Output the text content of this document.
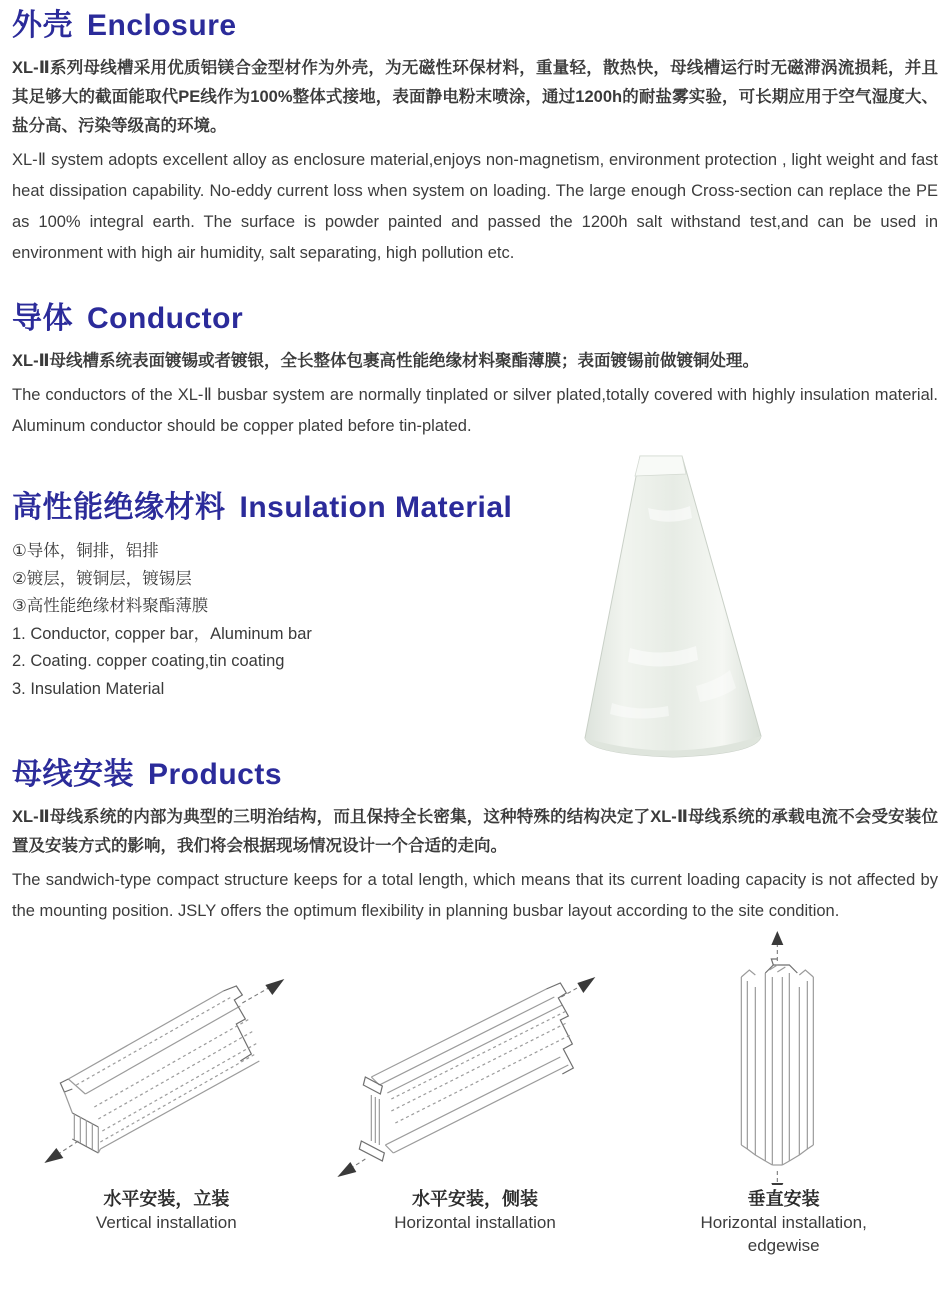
外壳 Enclosure

XL-Ⅱ系列母线槽采用优质铝镁合金型材作为外壳，为无磁性环保材料，重量轻，散热快，母线槽运行时无磁滞涡流损耗，并且其足够大的截面能取代PE线作为100%整体式接地，表面静电粉末喷涂，通过1200h的耐盐雾实验，可长期应用于空气湿度大、盐分高、污染等级高的环境。

XL-Ⅱ system adopts excellent alloy as enclosure material,enjoys non-magnetism, environment protection , light weight and fast heat dissipation capability. No-eddy current loss when system on loading. The large enough Cross-section can replace the PE as 100% integral earth. The surface is powder painted and passed the 1200h salt withstand test,and can be used in environment with high air humidity, salt separating, high pollution etc.

导体 Conductor

XL-Ⅱ母线槽系统表面镀锡或者镀银，全长整体包裹高性能绝缘材料聚酯薄膜；表面镀锡前做镀铜处理。

The conductors of the XL-Ⅱ busbar system are normally tinplated or silver plated,totally covered with highly insulation material. Aluminum conductor should be copper plated before tin-plated.

高性能绝缘材料 Insulation Material
①导体，铜排，铝排
②镀层，镀铜层，镀锡层
③高性能绝缘材料聚酯薄膜
1. Conductor, copper bar，Aluminum bar
2. Coating. copper coating,tin coating
3. Insulation Material
母线安装 Products

XL-Ⅱ母线系统的内部为典型的三明治结构，而且保持全长密集，这种特殊的结构决定了XL-Ⅱ母线系统的承载电流不会受安装位置及安装方式的影响，我们将会根据现场情况设计一个合适的走向。

The sandwich-type compact structure keeps for a total length, which means that its current loading capacity is not affected by the mounting position. JSLY offers the optimum flexibility in planning busbar layout according to the site condition.

水平安装，立装
Vertical installation
水平安装，侧装
Horizontal installation
垂直安装
Horizontal installation,
edgewise
